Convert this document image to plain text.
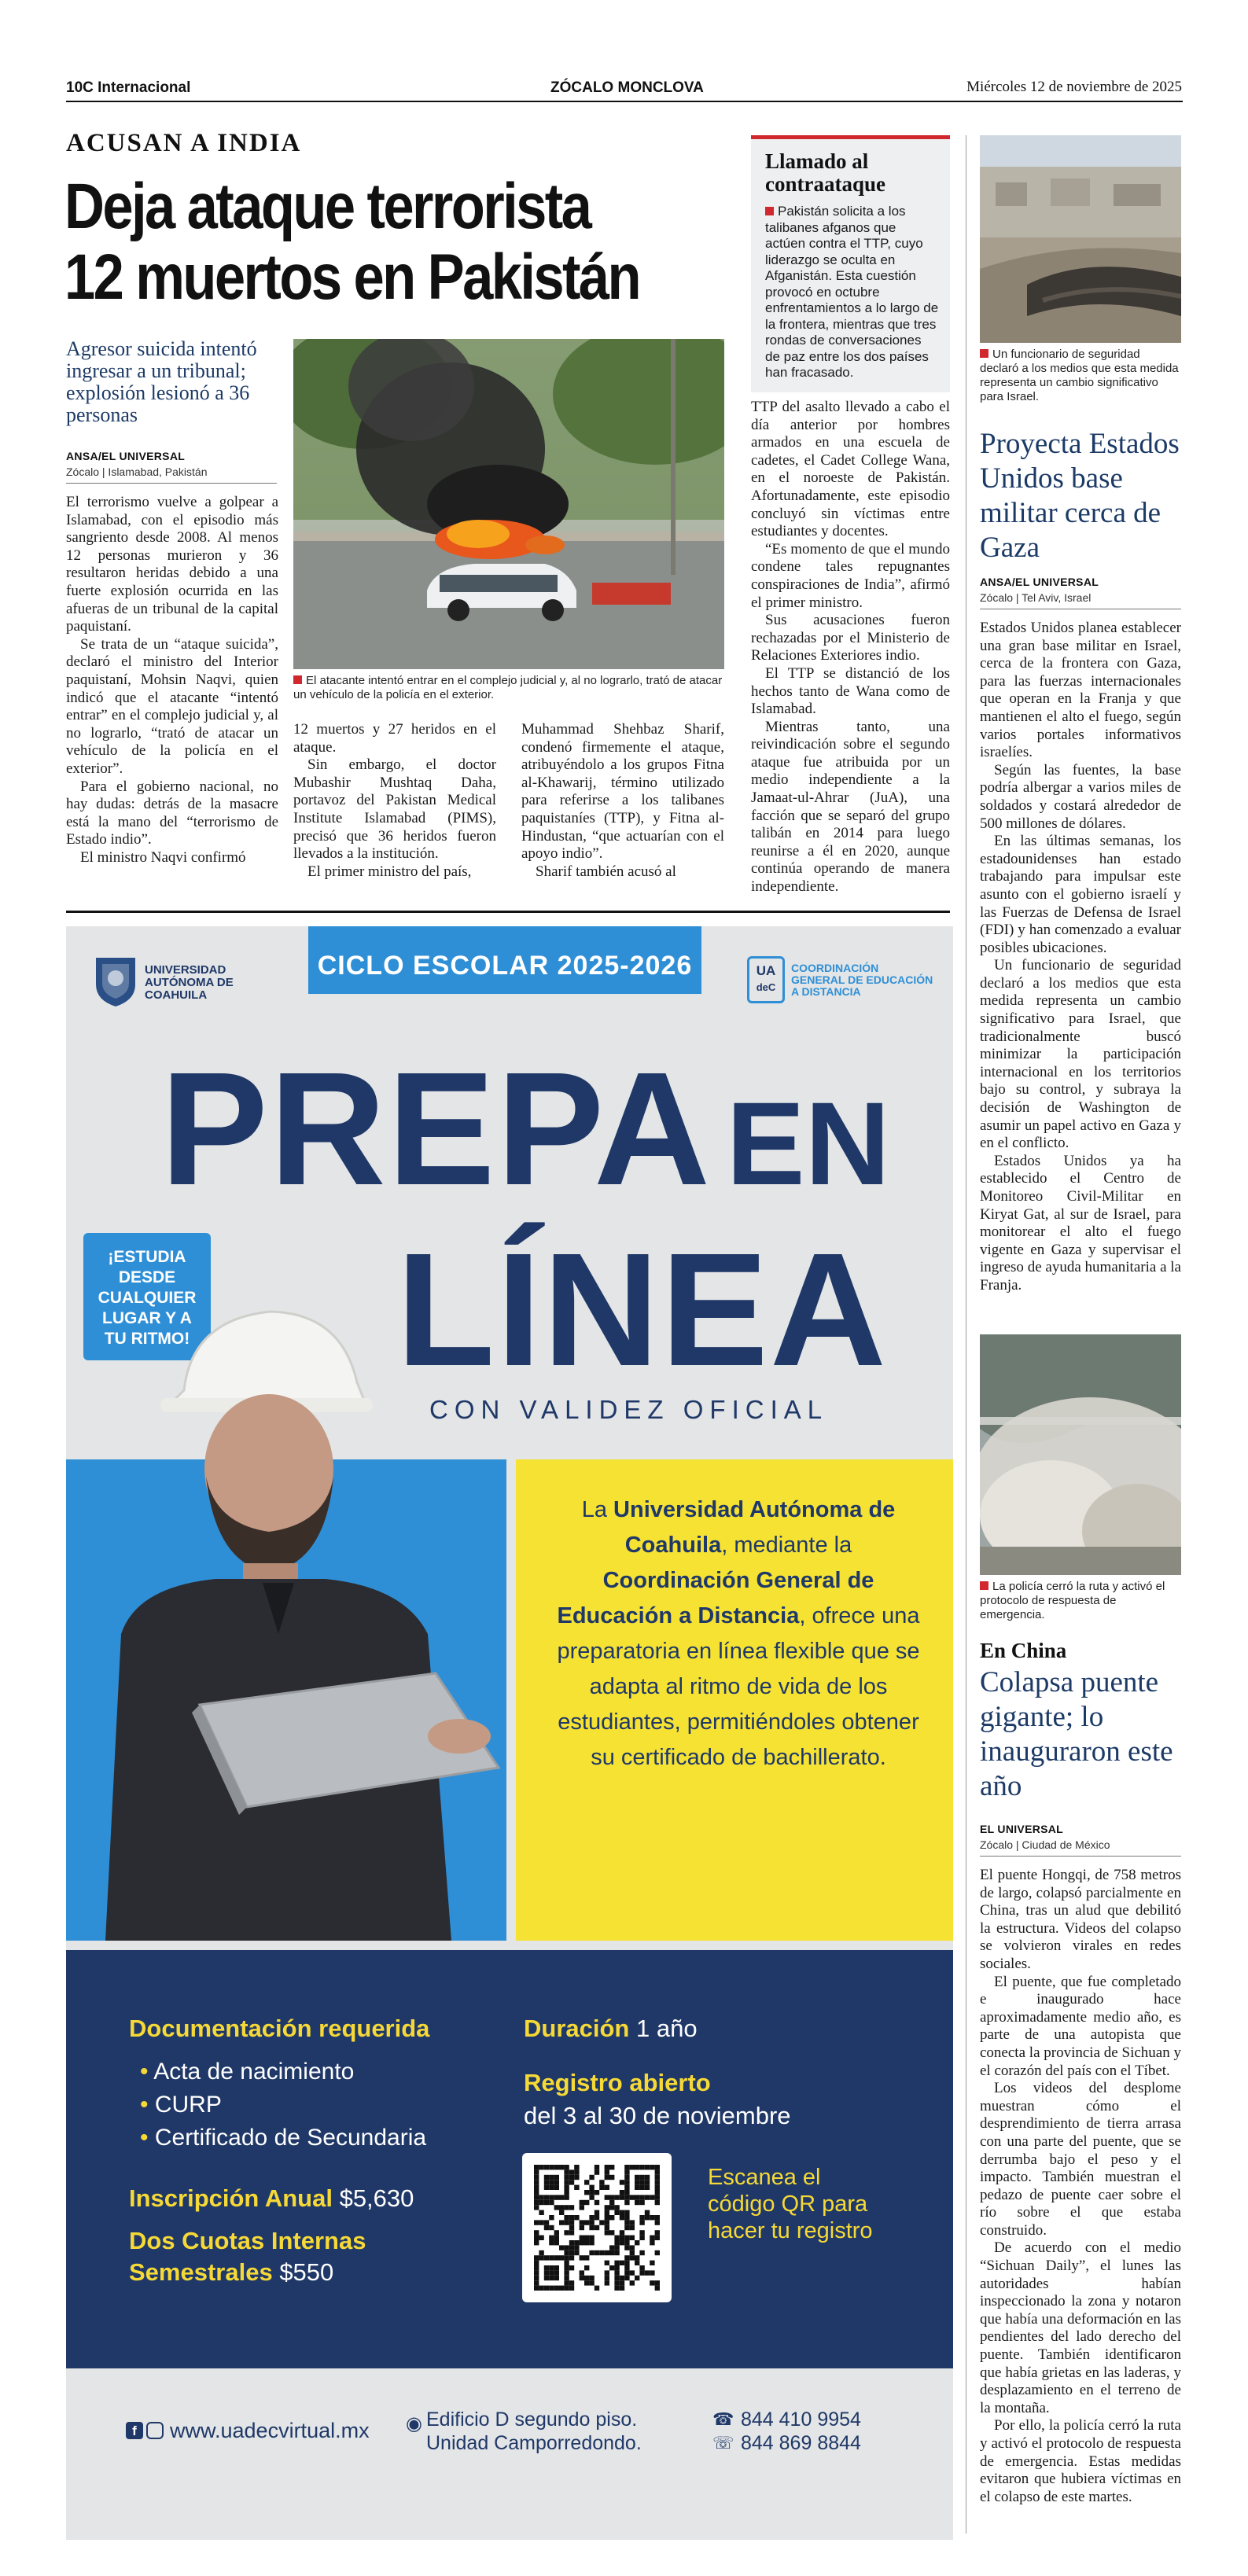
10C Internacional	ZÓCALO MONCLOVA	Miércoles 12 de noviembre de 2025
ACUSAN A INDIA
Deja ataque terrorista
12 muertos en Pakistán
Agresor suicida intentó ingresar a un tribunal; explosión lesionó a 36 personas
ANSA/EL UNIVERSAL
Zócalo | Islamabad, Pakistán
El atacante intentó entrar en el complejo judicial y, al no lograrlo, trató de atacar un vehículo de la policía en el exterior.

El terrorismo vuelve a golpear a Islamabad, con el episodio más sangriento desde 2008. Al menos 12 personas murieron y 36 resultaron heridas debido a una fuerte explosión ocurrida en las afueras de un tribunal de la capital paquistaní.

Se trata de un “ataque suicida”, declaró el ministro del Interior paquistaní, Mohsin Naqvi, quien indicó que el atacante “intentó entrar” en el complejo judicial y, al no lograrlo, “trató de atacar un vehículo de la policía en el exterior”.

Para el gobierno nacional, no hay dudas: detrás de la masacre está la mano del “terrorismo de Estado indio”.

El ministro Naqvi confirmó

12 muertos y 27 heridos en el ataque.

Sin embargo, el doctor Mubashir Mushtaq Daha, portavoz del Pakistan Medical Institute Islamabad (PIMS), precisó que 36 heridos fueron llevados a la institución.

El primer ministro del país,

Muhammad Shehbaz Sharif, condenó firmemente el ataque, atribuyéndolo a los grupos Fitna al-Khawarij, término utilizado para referirse a los talibanes paquistaníes (TTP), y Fitna al-Hindustan, “que actuarían con el apoyo indio”.

Sharif también acusó al

Llamado al contraataque
Pakistán solicita a los talibanes afganos que actúen contra el TTP, cuyo liderazgo se oculta en Afganistán. Esta cuestión provocó en octubre enfrentamientos a lo largo de la frontera, mientras que tres rondas de conversaciones de paz entre los dos países han fracasado.

TTP del asalto llevado a cabo el día anterior por hombres armados en una escuela de cadetes, el Cadet College Wana, en el noroeste de Pakistán. Afortunadamente, este episodio concluyó sin víctimas entre estudiantes y docentes.

“Es momento de que el mundo condene tales repugnantes conspiraciones de India”, afirmó el primer ministro.

Sus acusaciones fueron rechazadas por el Ministerio de Relaciones Exteriores indio.

El TTP se distanció de los hechos tanto de Wana como de Islamabad.

Mientras tanto, una reivindicación sobre el segundo ataque fue atribuida por un medio independiente a la Jamaat-ul-Ahrar (JuA), una facción que se separó del grupo talibán en 2014 para luego reunirse a él en 2020, aunque continúa operando de manera independiente.

Un funcionario de seguridad declaró a los medios que esta medida representa un cambio significativo para Israel.
Proyecta Estados Unidos base militar cerca de Gaza
ANSA/EL UNIVERSAL
Zócalo | Tel Aviv, Israel

Estados Unidos planea establecer una gran base militar en Israel, cerca de la frontera con Gaza, para las fuerzas internacionales que operan en la Franja y que mantienen el alto el fuego, según varios portales informativos israelíes.

Según las fuentes, la base podría albergar a varios miles de soldados y costará alrededor de 500 millones de dólares.

En las últimas semanas, los estadounidenses han estado trabajando para impulsar este asunto con el gobierno israelí y las Fuerzas de Defensa de Israel (FDI) y han comenzado a evaluar posibles ubicaciones.

Un funcionario de seguridad declaró a los medios que esta medida representa un cambio significativo para Israel, que tradicionalmente buscó minimizar la participación internacional en los territorios bajo su control, y subraya la decisión de Washington de asumir un papel activo en Gaza y en el conflicto.

Estados Unidos ya ha establecido el Centro de Monitoreo Civil-Militar en Kiryat Gat, al sur de Israel, para monitorear el alto el fuego vigente en Gaza y supervisar el ingreso de ayuda humanitaria a la Franja.

La policía cerró la ruta y activó el protocolo de respuesta de emergencia.
En China
Colapsa puente gigante; lo inauguraron este año
EL UNIVERSAL
Zócalo | Ciudad de México

El puente Hongqi, de 758 metros de largo, colapsó parcialmente en China, tras un alud que debilitó la estructura. Videos del colapso se volvieron virales en redes sociales.

El puente, que fue completado e inaugurado hace aproximadamente medio año, es parte de una autopista que conecta la provincia de Sichuan y el corazón del país con el Tíbet.

Los videos del desplome muestran cómo el desprendimiento de tierra arrasa con una parte del puente, que se derrumba bajo el peso y el impacto. También muestran el pedazo de puente caer sobre el río sobre el que estaba construido.

De acuerdo con el medio “Sichuan Daily”, el lunes las autoridades habían inspeccionado la zona y notaron que había una deformación en las pendientes del lado derecho del puente. También identificaron que había grietas en las laderas, y desplazamiento en el terreno de la montaña.

Por ello, la policía cerró la ruta y activó el protocolo de respuesta de emergencia. Estas medidas evitaron que hubiera víctimas en el colapso de este martes.

UNIVERSIDAD
AUTÓNOMA DE
COAHUILA
CICLO ESCOLAR 2025-2026	UA
deC
COORDINACIÓN
GENERAL DE EDUCACIÓN
A DISTANCIA
PREPA EN
LÍNEA
CON VALIDEZ OFICIAL
¡ESTUDIA DESDE CUALQUIER LUGAR Y A TU RITMO!
La Universidad Autónoma de Coahuila, mediante la Coordinación General de Educación a Distancia, ofrece una preparatoria en línea flexible que se adapta al ritmo de vida de los estudiantes, permitiéndoles obtener su certificado de bachillerato.
Documentación requerida
• Acta de nacimiento
• CURP
• Certificado de Secundaria
Inscripción Anual $5,630
Dos Cuotas Internas
Semestrales $550
Duración 1 año
Registro abierto
del 3 al 30 de noviembre
Escanea el código QR para hacer tu registro
f	www.uadecvirtual.mx ◉ Edificio D segundo piso.
Unidad Camporredondo.
☎
☏
844 410 9954
844 869 8844
